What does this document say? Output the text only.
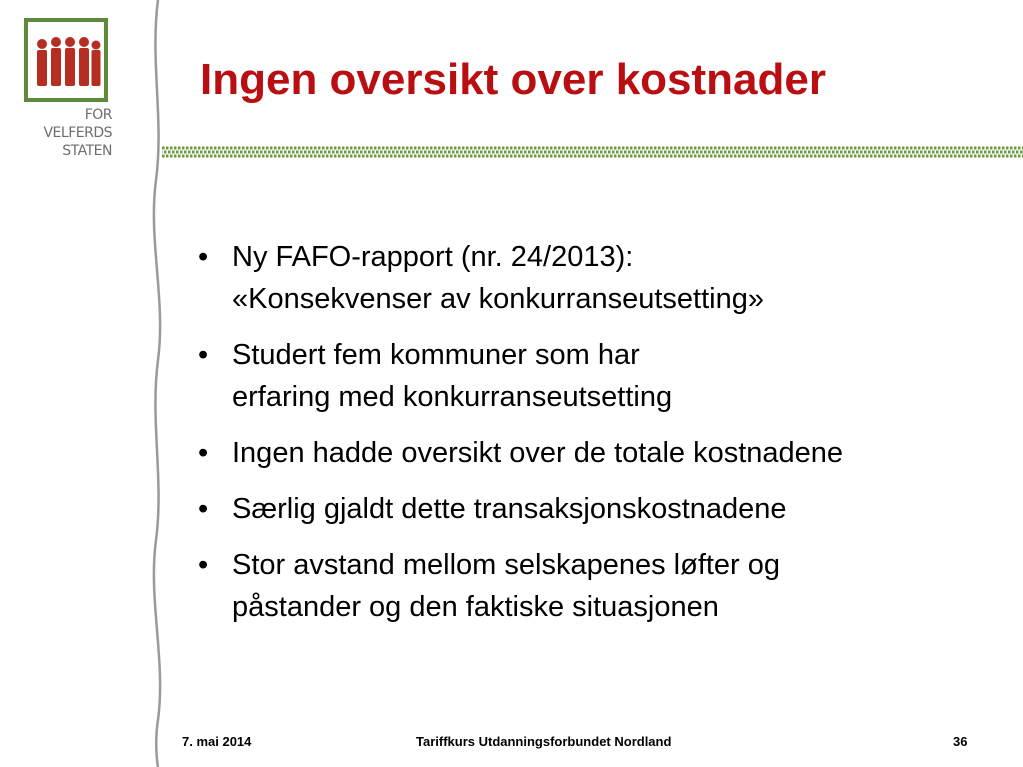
FOR
VELFERDS
STATEN
Ingen oversikt over kostnader
• Ny FAFO-rapport (nr. 24/2013):
«Konsekvenser av konkurranseutsetting»
• Studert fem kommuner som har
erfaring med konkurranseutsetting
• Ingen hadde oversikt over de totale kostnadene
• Særlig gjaldt dette transaksjonskostnadene
• Stor avstand mellom selskapenes løfter og
påstander og den faktiske situasjonen
7. mai 2014	Tariffkurs Utdanningsforbundet Nordland	36
